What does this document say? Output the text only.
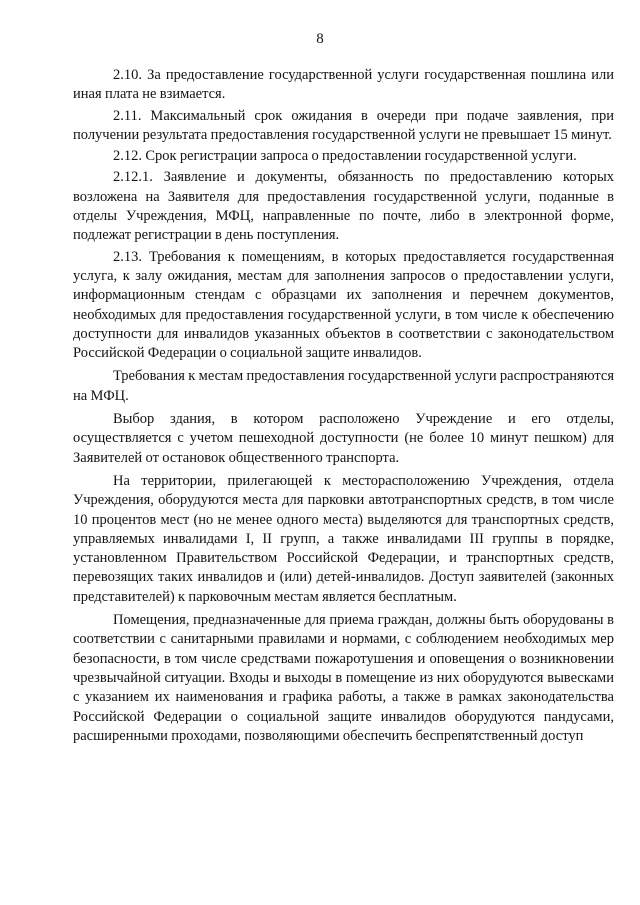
8

2.10. За предоставление государственной услуги государственная пошлина или иная плата не взимается.

2.11. Максимальный срок ожидания в очереди при подаче заявления, при получении результата предоставления государственной услуги не превышает 15 минут.

2.12. Срок регистрации запроса о предоставлении государственной услуги.

2.12.1. Заявление и документы, обязанность по предоставлению которых возложена на Заявителя для предоставления государственной услуги, поданные в отделы Учреждения, МФЦ, направленные по почте, либо в электронной форме, подлежат регистрации в день поступления.

2.13. Требования к помещениям, в которых предоставляется государственная услуга, к залу ожидания, местам для заполнения запросов о предоставлении услуги, информационным стендам с образцами их заполнения и перечнем документов, необходимых для предоставления государственной услуги, в том числе к обеспечению доступности для инвалидов указанных объектов в соответствии с законодательством Российской Федерации о социальной защите инвалидов.

Требования к местам предоставления государственной услуги распространяются на МФЦ.

Выбор здания, в котором расположено Учреждение и его отделы, осуществляется с учетом пешеходной доступности (не более 10 минут пешком) для Заявителей от остановок общественного транспорта.

На территории, прилегающей к месторасположению Учреждения, отдела Учреждения, оборудуются места для парковки автотранспортных средств, в том числе 10 процентов мест (но не менее одного места) выделяются для транспортных средств, управляемых инвалидами I, II групп, а также инвалидами III группы в порядке, установленном Правительством Российской Федерации, и транспортных средств, перевозящих таких инвалидов и (или) детей-инвалидов. Доступ заявителей (законных представителей) к парковочным местам является бесплатным.

Помещения, предназначенные для приема граждан, должны быть оборудованы в соответствии с санитарными правилами и нормами, с соблюдением необходимых мер безопасности, в том числе средствами пожаротушения и оповещения о возникновении чрезвычайной ситуации. Входы и выходы в помещение из них оборудуются вывесками с указанием их наименования и графика работы, а также в рамках законодательства Российской Федерации о социальной защите инвалидов оборудуются пандусами, расширенными проходами, позволяющими обеспечить беспрепятственный доступ
